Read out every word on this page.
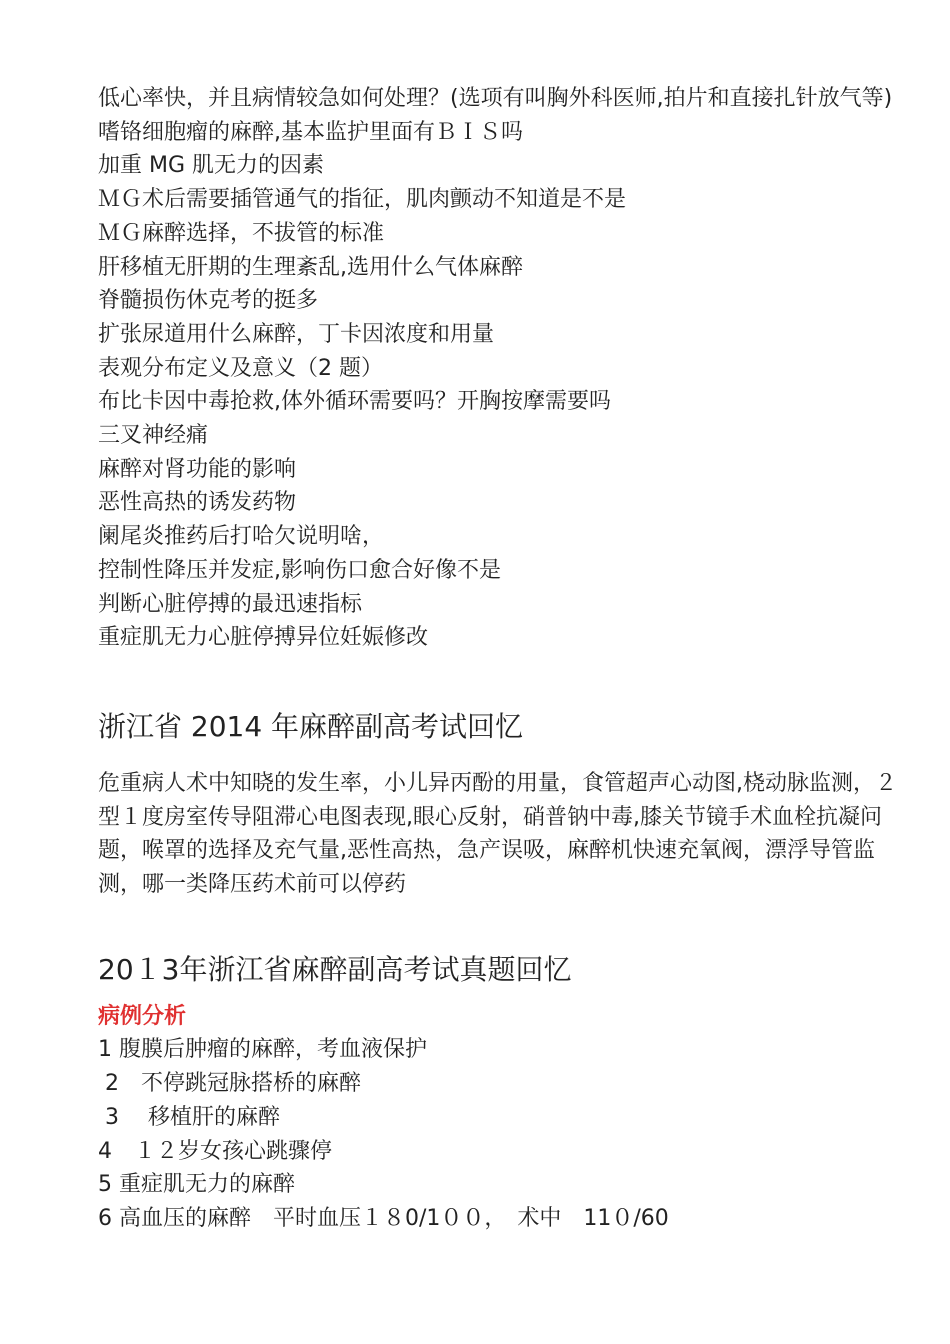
低心率快，并且病情较急如何处理？(选项有叫胸外科医师,拍片和直接扎针放气等)
嗜铬细胞瘤的麻醉,基本监护里面有ＢＩＳ吗
加重 MG 肌无力的因素
ＭＧ术后需要插管通气的指征，肌肉颤动不知道是不是
ＭＧ麻醉选择，不拔管的标准
肝移植无肝期的生理紊乱,选用什么气体麻醉
脊髓损伤休克考的挺多
扩张尿道用什么麻醉，丁卡因浓度和用量
表观分布定义及意义（2 题）
布比卡因中毒抢救,体外循环需要吗？开胸按摩需要吗
三叉神经痛
麻醉对肾功能的影响
恶性高热的诱发药物
阑尾炎推药后打哈欠说明啥，
控制性降压并发症,影响伤口愈合好像不是
判断心脏停搏的最迅速指标
重症肌无力心脏停搏异位妊娠修改
浙江省 2014 年麻醉副高考试回忆
危重病人术中知晓的发生率，小儿异丙酚的用量，食管超声心动图,桡动脉监测，２型１度房室传导阻滞心电图表现,眼心反射，硝普钠中毒,膝关节镜手术血栓抗凝问题，喉罩的选择及充气量,恶性高热，急产误吸，麻醉机快速充氧阀，漂浮导管监测，哪一类降压药术前可以停药
20１3年浙江省麻醉副高考试真题回忆
病例分析
1 腹膜后肿瘤的麻醉，考血液保护
2　不停跳冠脉搭桥的麻醉
3　 移植肝的麻醉
4　１２岁女孩心跳骤停
5 重症肌无力的麻醉
6 高血压的麻醉　平时血压１８0/1００，　术中　11０/60
